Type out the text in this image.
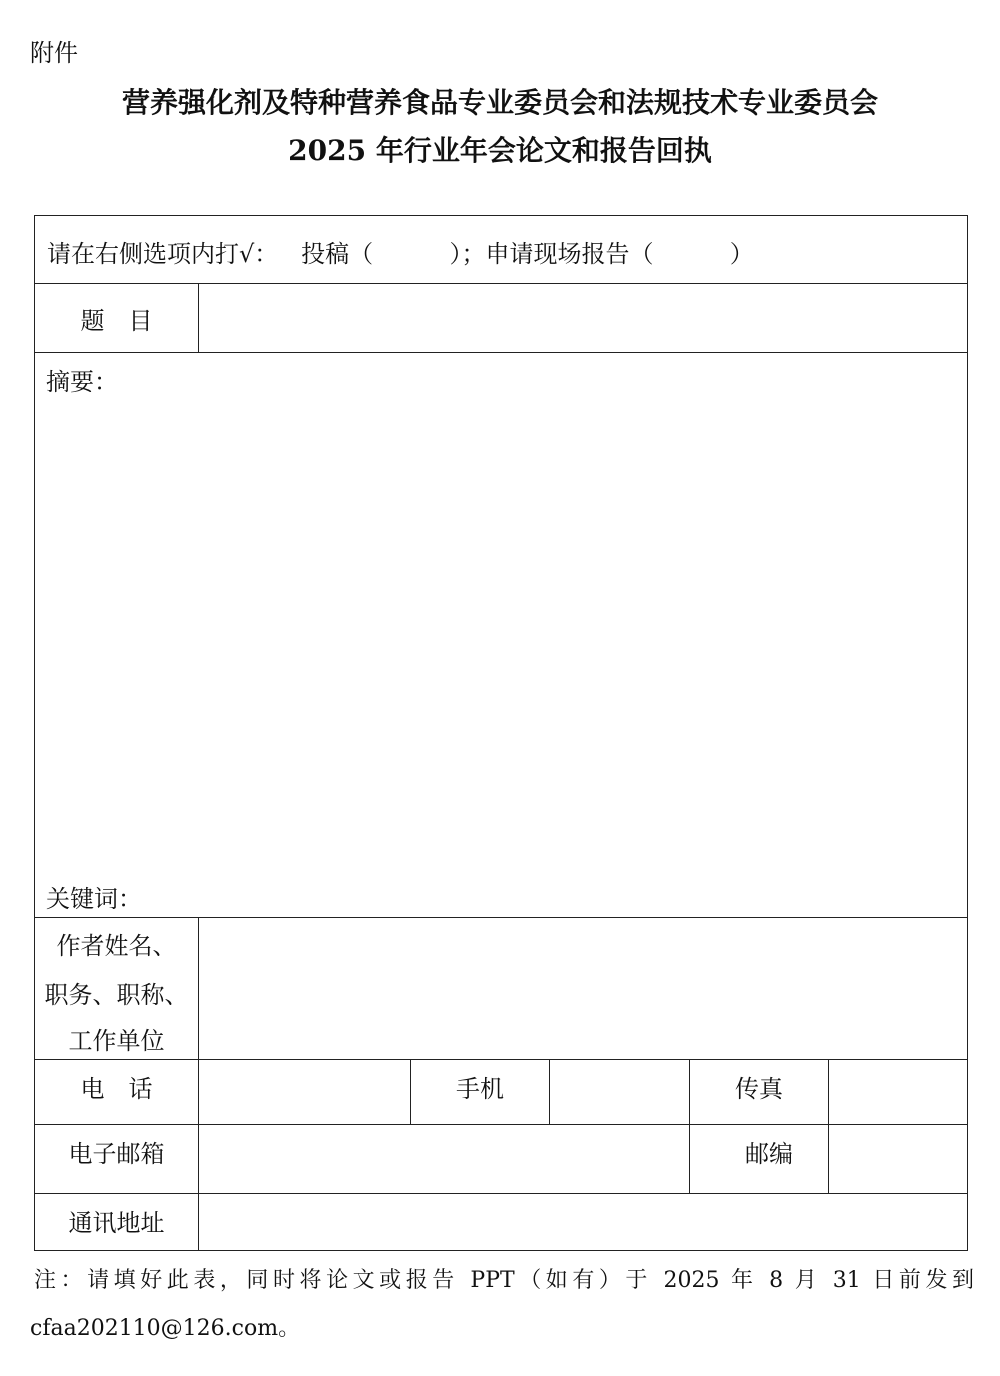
附件
营养强化剂及特种营养食品专业委员会和法规技术专业委员会
2025 年行业年会论文和报告回执
请在右侧选项内打√：   投稿（          ）；申请现场报告（          ）
题　目
摘要：
关键词：
作者姓名、
职务、职称、
工作单位
电　话	手机	传真
电子邮箱	邮编
通讯地址
注：请填好此表，同时将论文或报告 PPT（如有）于 2025 年 8 月 31 日前发到
cfaa202110@126.com。
